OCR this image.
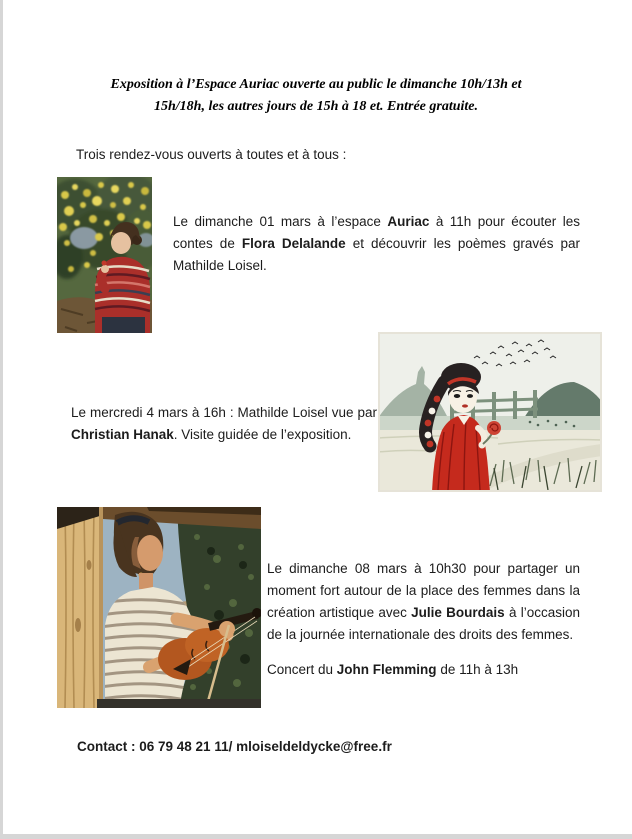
Exposition à l’Espace Auriac ouverte au public le dimanche 10h/13h et
15h/18h, les autres jours de 15h à 18 et. Entrée gratuite.
Trois rendez-vous ouverts à toutes et à tous :

Le dimanche 01 mars à l’espace Auriac à 11h pour écouter les contes de Flora Delalande et découvrir les poèmes gravés par Mathilde Loisel.

Le mercredi 4 mars à 16h : Mathilde Loisel vue par Christian Hanak. Visite guidée de l’exposition.

Le dimanche 08 mars à 10h30 pour partager un moment fort autour de la place des femmes dans la création artistique avec Julie Bourdais à l’occasion de la journée internationale des droits des femmes.

Concert du John Flemming de 11h à 13h

Contact : 06 79 48 21 11/ mloiseldeldycke@free.fr
